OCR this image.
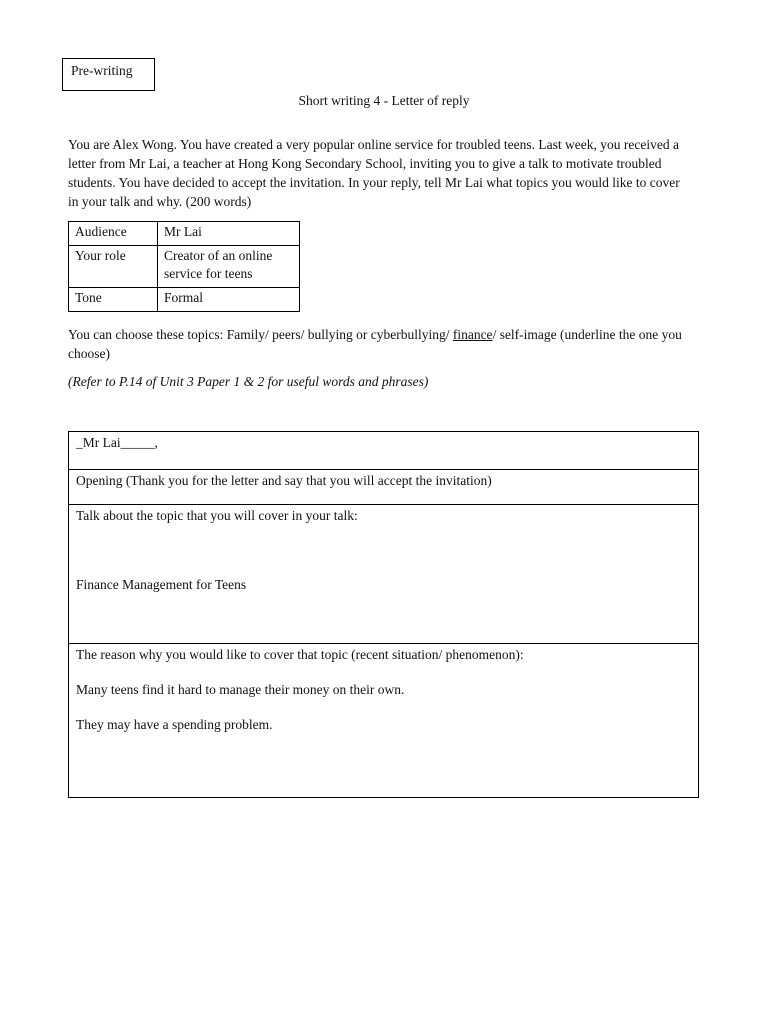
Pre-writing
Short writing 4 - Letter of reply

You are Alex Wong. You have created a very popular online service for troubled teens. Last week, you received a

letter from Mr Lai, a teacher at Hong Kong Secondary School, inviting you to give a talk to motivate troubled

students. You have decided to accept the invitation. In your reply, tell Mr Lai what topics you would like to cover

in your talk and why. (200 words)

Audience	Mr Lai
Your role	Creator of an online
service for teens

Tone	Formal

You can choose these topics: Family/ peers/ bullying or cyberbullying/ finance/ self-image (underline the one you

choose)

(Refer to P.14 of Unit 3 Paper 1 & 2 for useful words and phrases)

_Mr Lai_____,

Opening (Thank you for the letter and say that you will accept the invitation)

Talk about the topic that you will cover in your talk:

Finance Management for Teens

The reason why you would like to cover that topic (recent situation/ phenomenon):

Many teens find it hard to manage their money on their own.

They may have a spending problem.
